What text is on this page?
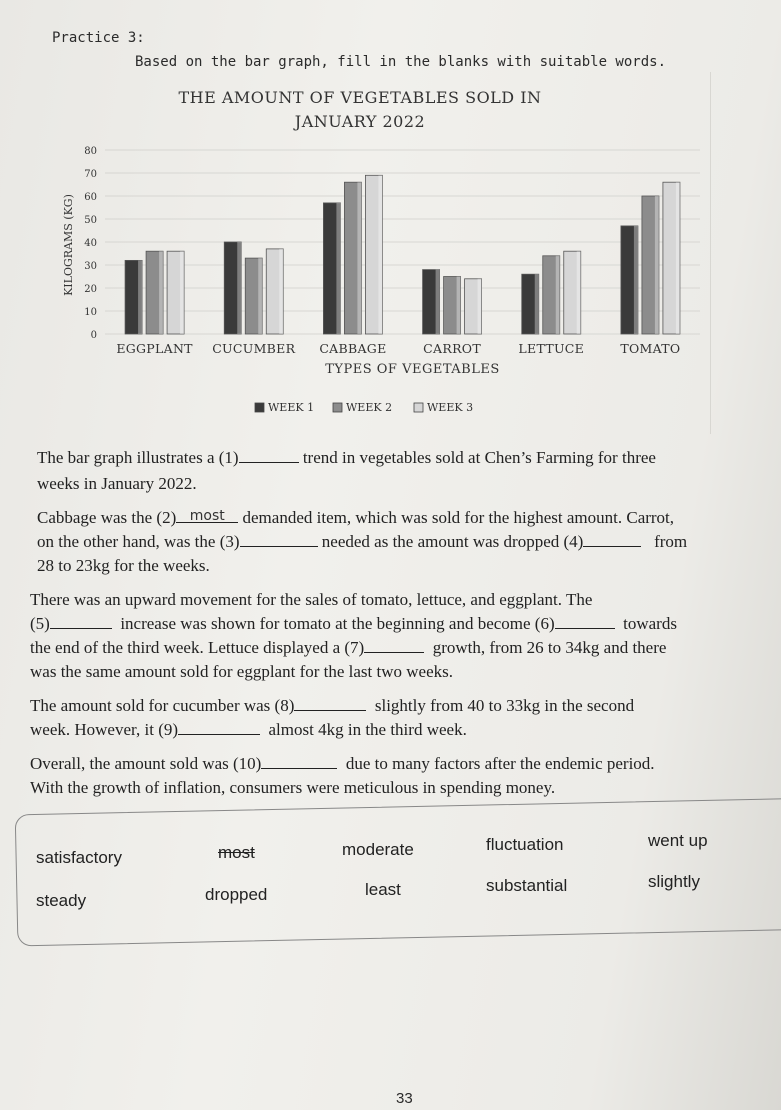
Practice 3:
Based on the bar graph, fill in the blanks with suitable words.
THE AMOUNT OF VEGETABLES SOLD IN
JANUARY 2022
0
10
20
30
40
50
60
70
80
KILOGRAMS (KG)
EGGPLANT CUCUMBER CABBAGE	CARROT	LETTUCE	TOMATO
TYPES OF VEGETABLES
WEEK 1	WEEK 2	WEEK 3
The bar graph illustrates a (1)	trend in vegetables sold at Chen’s Farming for three
weeks in January 2022.
Cabbage was the (2) most demanded item, which was sold for the highest amount. Carrot,
on the other hand, was the (3)	needed as the amount was dropped (4)	from
28 to 23kg for the weeks.
There was an upward movement for the sales of tomato, lettuce, and eggplant. The
(5)	increase was shown for tomato at the beginning and become (6)	towards
the end of the third week. Lettuce displayed a (7)	growth, from 26 to 34kg and there
was the same amount sold for eggplant for the last two weeks.
The amount sold for cucumber was (8)	slightly from 40 to 33kg in the second
week. However, it (9)	almost 4kg in the third week.
Overall, the amount sold was (10)	due to many factors after the endemic period.
With the growth of inflation, consumers were meticulous in spending money.
satisfactory	most	moderate	fluctuation	went up
steady	dropped	least	substantial	slightly
33
